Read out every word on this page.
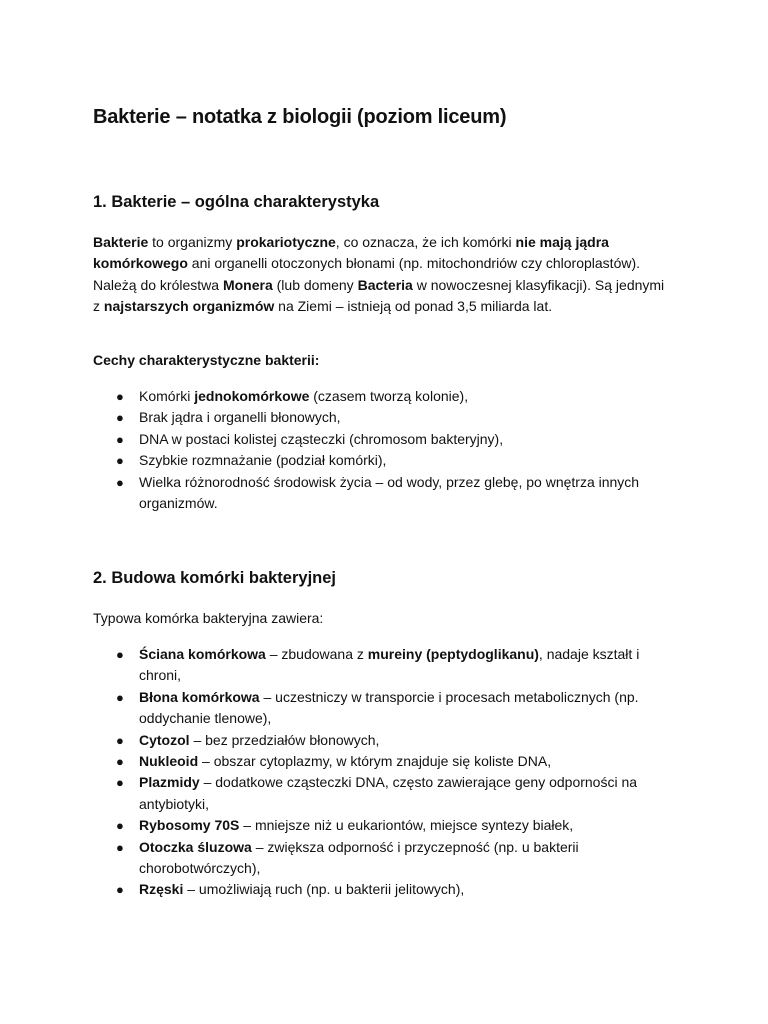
Bakterie – notatka z biologii (poziom liceum)
1. Bakterie – ogólna charakterystyka

Bakterie to organizmy prokariotyczne, co oznacza, że ich komórki nie mają jądra komórkowego ani organelli otoczonych błonami (np. mitochondriów czy chloroplastów). Należą do królestwa Monera (lub domeny Bacteria w nowoczesnej klasyfikacji). Są jednymi z najstarszych organizmów na Ziemi – istnieją od ponad 3,5 miliarda lat.

Cechy charakterystyczne bakterii:

● Komórki jednokomórkowe (czasem tworzą kolonie),
● Brak jądra i organelli błonowych,
● DNA w postaci kolistej cząsteczki (chromosom bakteryjny),
● Szybkie rozmnażanie (podział komórki),
● Wielka różnorodność środowisk życia – od wody, przez glebę, po wnętrza innych organizmów.
2. Budowa komórki bakteryjnej

Typowa komórka bakteryjna zawiera:

● Ściana komórkowa – zbudowana z mureiny (peptydoglikanu), nadaje kształt i chroni,
● Błona komórkowa – uczestniczy w transporcie i procesach metabolicznych (np. oddychanie tlenowe),
● Cytozol – bez przedziałów błonowych,
● Nukleoid – obszar cytoplazmy, w którym znajduje się koliste DNA,
● Plazmidy – dodatkowe cząsteczki DNA, często zawierające geny odporności na antybiotyki,
● Rybosomy 70S – mniejsze niż u eukariontów, miejsce syntezy białek,
● Otoczka śluzowa – zwiększa odporność i przyczepność (np. u bakterii chorobotwórczych),
● Rzęski – umożliwiają ruch (np. u bakterii jelitowych),
